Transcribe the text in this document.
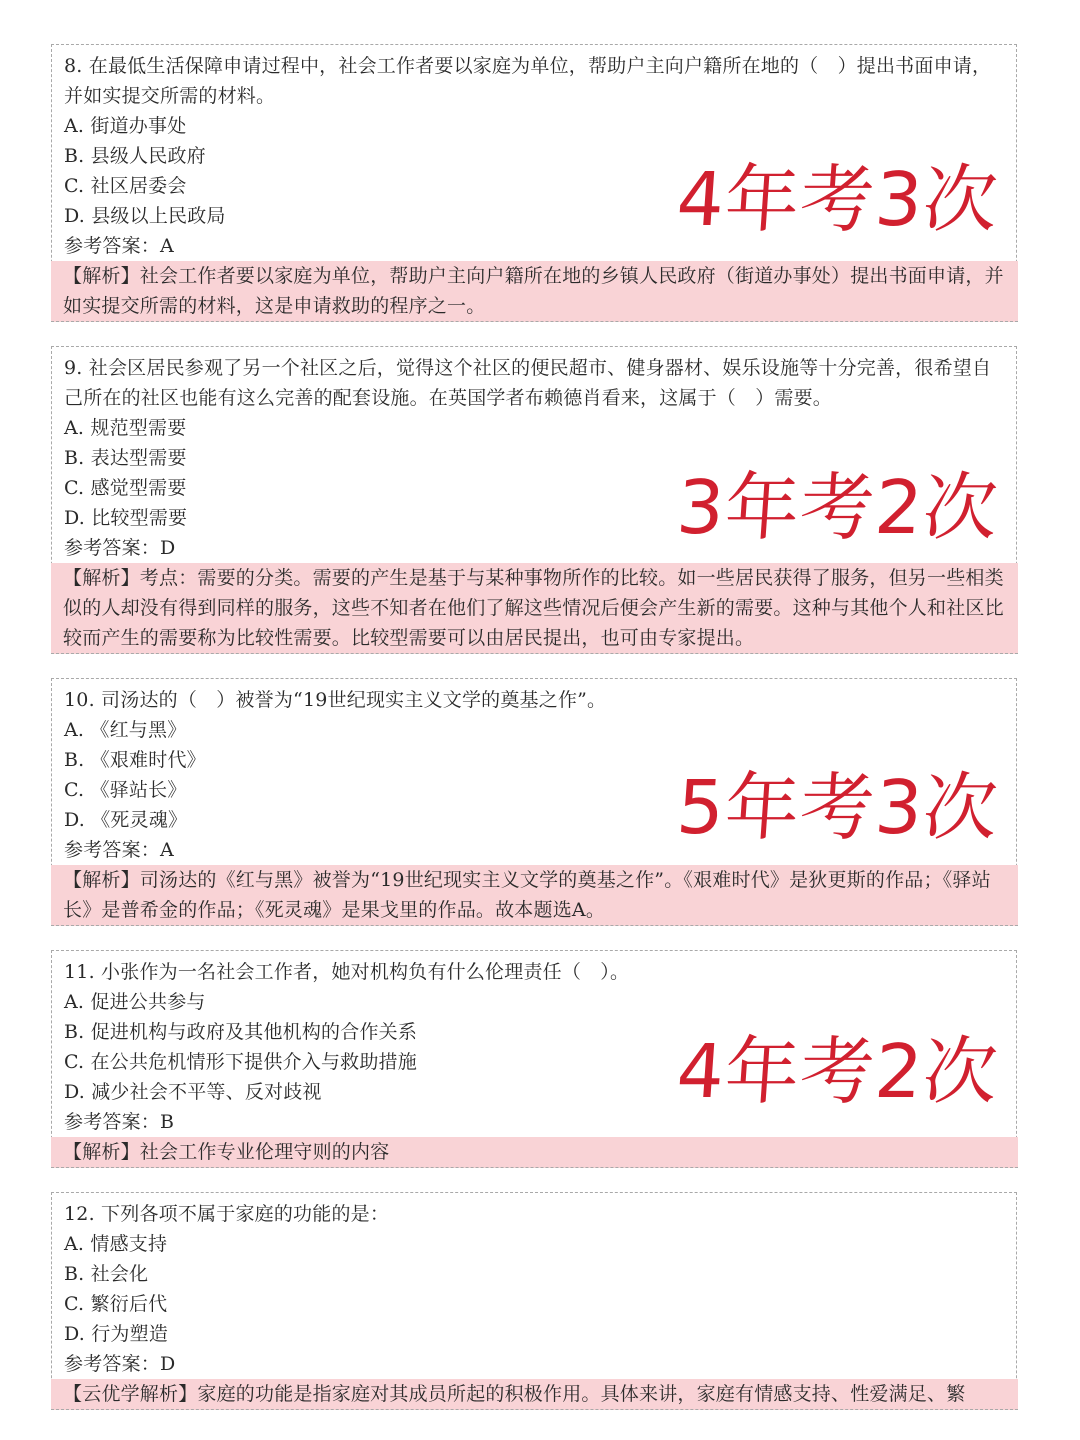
8. 在最低生活保障申请过程中，社会工作者要以家庭为单位，帮助户主向户籍所在地的（　）提出书面申请，并如实提交所需的材料。
A. 街道办事处
B. 县级人民政府
C. 社区居委会
D. 县级以上民政局
参考答案：A
【解析】社会工作者要以家庭为单位，帮助户主向户籍所在地的乡镇人民政府（街道办事处）提出书面申请，并如实提交所需的材料，这是申请救助的程序之一。
4年考3次
9. 社会区居民参观了另一个社区之后，觉得这个社区的便民超市、健身器材、娱乐设施等十分完善，很希望自己所在的社区也能有这么完善的配套设施。在英国学者布赖德肖看来，这属于（　）需要。
A. 规范型需要
B. 表达型需要
C. 感觉型需要
D. 比较型需要
参考答案：D
【解析】考点：需要的分类。需要的产生是基于与某种事物所作的比较。如一些居民获得了服务，但另一些相类似的人却没有得到同样的服务，这些不知者在他们了解这些情况后便会产生新的需要。这种与其他个人和社区比较而产生的需要称为比较性需要。比较型需要可以由居民提出，也可由专家提出。
3年考2次
10. 司汤达的（　）被誉为“19世纪现实主义文学的奠基之作”。
A. 《红与黑》
B. 《艰难时代》
C. 《驿站长》
D. 《死灵魂》
参考答案：A
【解析】司汤达的《红与黑》被誉为“19世纪现实主义文学的奠基之作”。《艰难时代》是狄更斯的作品；《驿站长》是普希金的作品；《死灵魂》是果戈里的作品。故本题选A。
5年考3次
11. 小张作为一名社会工作者，她对机构负有什么伦理责任（　）。
A. 促进公共参与
B. 促进机构与政府及其他机构的合作关系
C. 在公共危机情形下提供介入与救助措施
D. 减少社会不平等、反对歧视
参考答案：B
【解析】社会工作专业伦理守则的内容
4年考2次
12. 下列各项不属于家庭的功能的是：
A. 情感支持
B. 社会化
C. 繁衍后代
D. 行为塑造
参考答案：D
【云优学解析】家庭的功能是指家庭对其成员所起的积极作用。具体来讲，家庭有情感支持、性爱满足、繁
